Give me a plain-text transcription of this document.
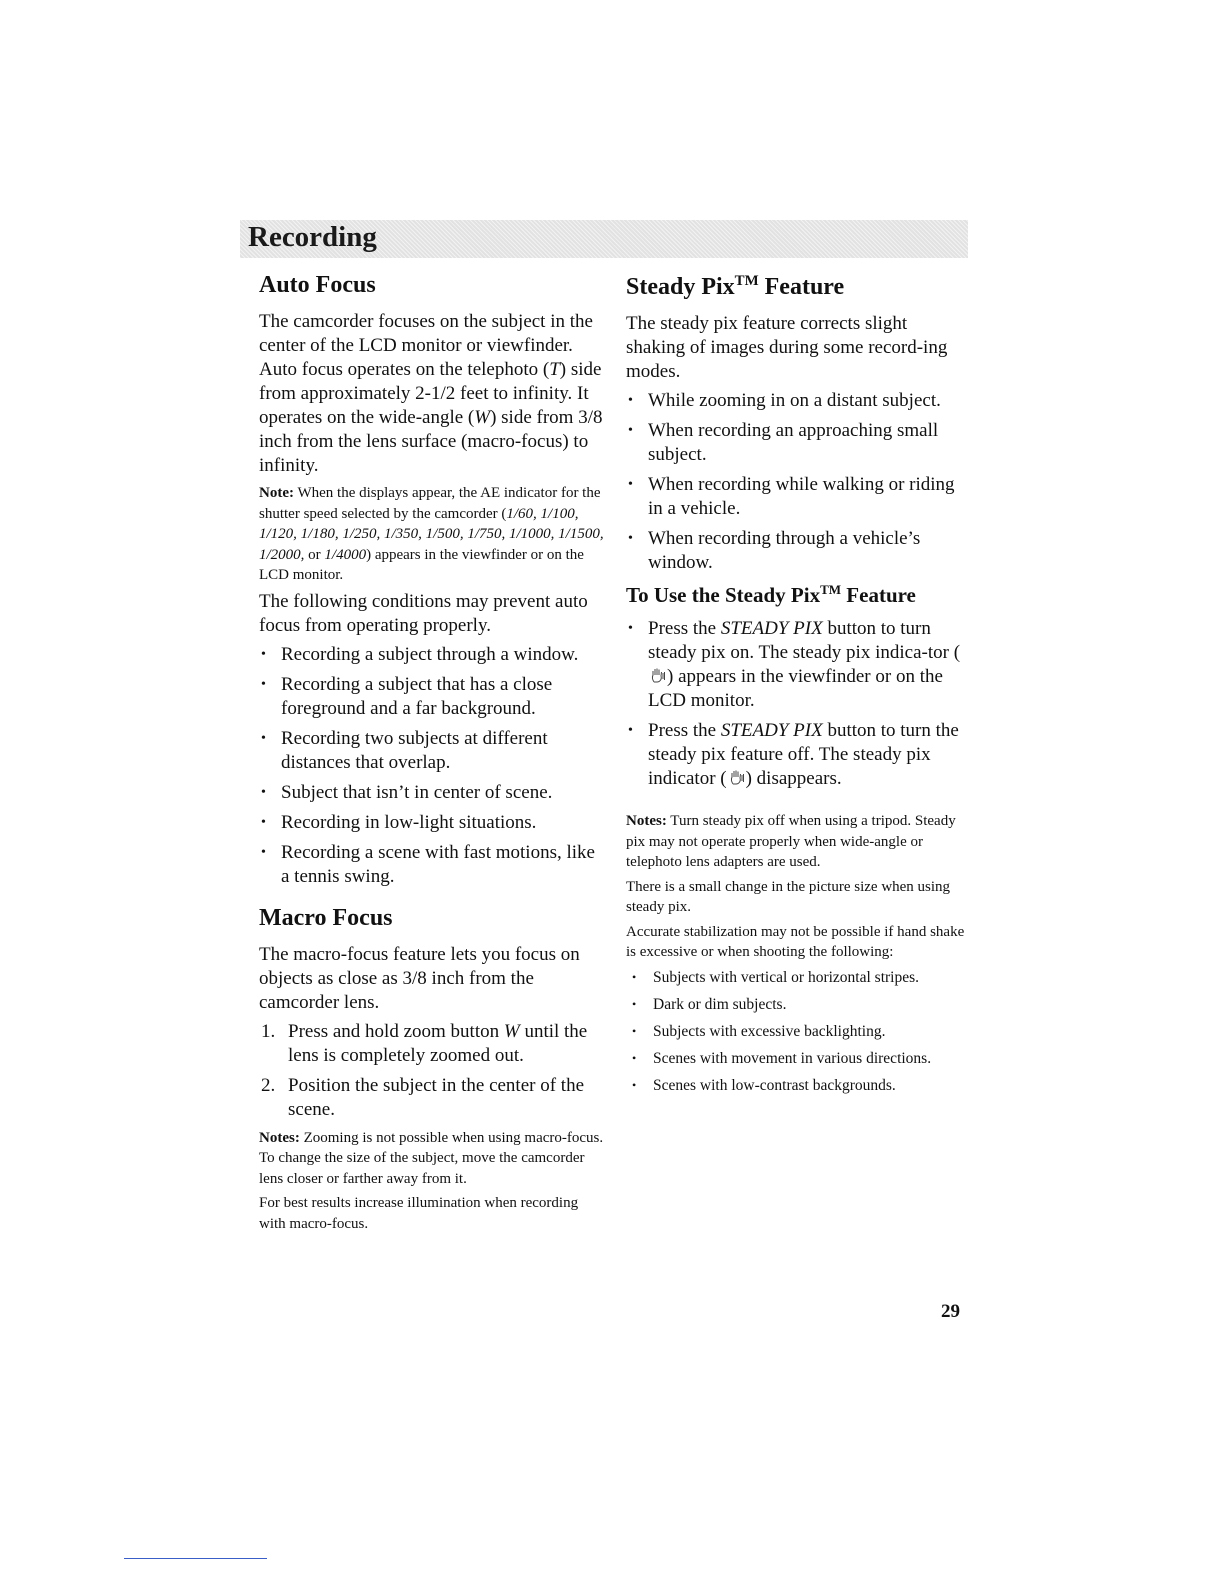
Recording
Auto Focus

The camcorder focuses on the subject in the center of the LCD monitor or viewfinder. Auto focus operates on the telephoto (T) side from approximately 2-1/2 feet to infinity. It operates on the wide-angle (W) side from 3/8 inch from the lens surface (macro-focus) to infinity.

Note: When the displays appear, the AE indicator for the shutter speed selected by the camcorder (1/60, 1/100, 1/120, 1/180, 1/250, 1/350, 1/500, 1/750, 1/1000, 1/1500, 1/2000, or 1/4000) appears in the viewfinder or on the LCD monitor.

The following conditions may prevent auto focus from operating properly.

• Recording a subject through a window.
• Recording a subject that has a close foreground and a far background.
• Recording two subjects at different distances that overlap.
• Subject that isn’t in center of scene.
• Recording in low-light situations.
• Recording a scene with fast motions, like a tennis swing.
Macro Focus

The macro-focus feature lets you focus on objects as close as 3/8 inch from the camcorder lens.

1. Press and hold zoom button W until the lens is completely zoomed out.
2. Position the subject in the center of the scene.

Notes: Zooming is not possible when using macro-focus. To change the size of the subject, move the camcorder lens closer or farther away from it.

For best results increase illumination when recording with macro-focus.

Steady Pix™ Feature

The steady pix feature corrects slight shaking of images during some record-ing modes.

• While zooming in on a distant subject.
• When recording an approaching small subject.
• When recording while walking or riding in a vehicle.
• When recording through a vehicle’s window.
To Use the Steady Pix™ Feature
• Press the STEADY PIX button to turn steady pix on. The steady pix indica-tor () appears in the viewfinder or on the LCD monitor.
• Press the STEADY PIX button to turn the steady pix feature off. The steady pix indicator ( ) disappears.

Notes: Turn steady pix off when using a tripod. Steady pix may not operate properly when wide-angle or telephoto lens adapters are used.

There is a small change in the picture size when using steady pix.

Accurate stabilization may not be possible if hand shake is excessive or when shooting the following:

• Subjects with vertical or horizontal stripes.
• Dark or dim subjects.
• Subjects with excessive backlighting.
• Scenes with movement in various directions.
• Scenes with low-contrast backgrounds.
29
